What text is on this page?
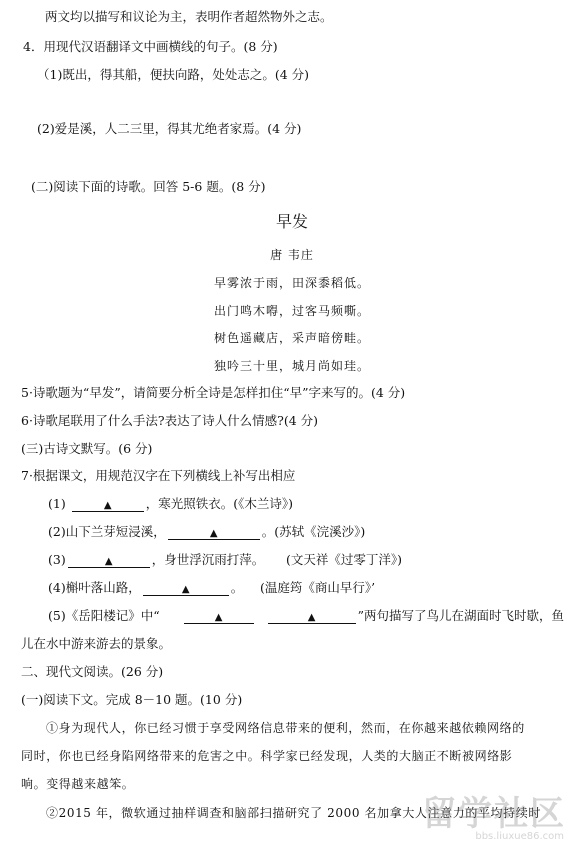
两文均以描写和议论为主，表明作者超然物外之志。
4．用现代汉语翻译文中画横线的句子。(8 分)
（1)既出，得其船，便扶向路，处处志之。(4 分)
(2)爱是溪，人二三里，得其尤绝者家焉。(4 分)
(二)阅读下面的诗歌。回答 5-6 题。(8 分)
早发
唐 韦庄
早雾浓于雨，田深黍稻低。
出门鸣木嘚，过客马频嘶。
树色遥藏店，采声暗傍畦。
独吟三十里，城月尚如珪。
5·诗歌题为“早发”，请简要分析全诗是怎样扣住“早”字来写的。(4 分)
6·诗歌尾联用了什么手法?表达了诗人什么情感?(4 分)
(三)古诗文默写。(6 分)
7·根据课文，用规范汉字在下列横线上补写出相应
(1)	▲	，寒光照铁衣。(《木兰诗》)
(2)山下兰芽短浸溪，	▲	。(苏轼《浣溪沙》)
(3)	▲	，身世浮沉雨打萍。 (文天祥《过零丁洋》)
(4)槲叶落山路，	▲	。 (温庭筠《商山早行》’
(5)《岳阳楼记》中“	▲	▲	”两句描写了鸟儿在湖面时飞时歇，鱼
儿在水中游来游去的景象。
二、现代文阅读。(26 分)
(一)阅读下文。完成 8－10 题。(10 分)
①身为现代人，你已经习惯于享受网络信息带来的便利，然而，在你越来越依赖网络的
同时，你也已经身陷网络带来的危害之中。科学家已经发现，人类的大脑正不断被网络影
响。变得越来越笨。
②2015 年，微软通过抽样调查和脑部扫描研究了 2000 名加拿大人注意力的平均持续时
留学社区
bbs.liuxue86.com
